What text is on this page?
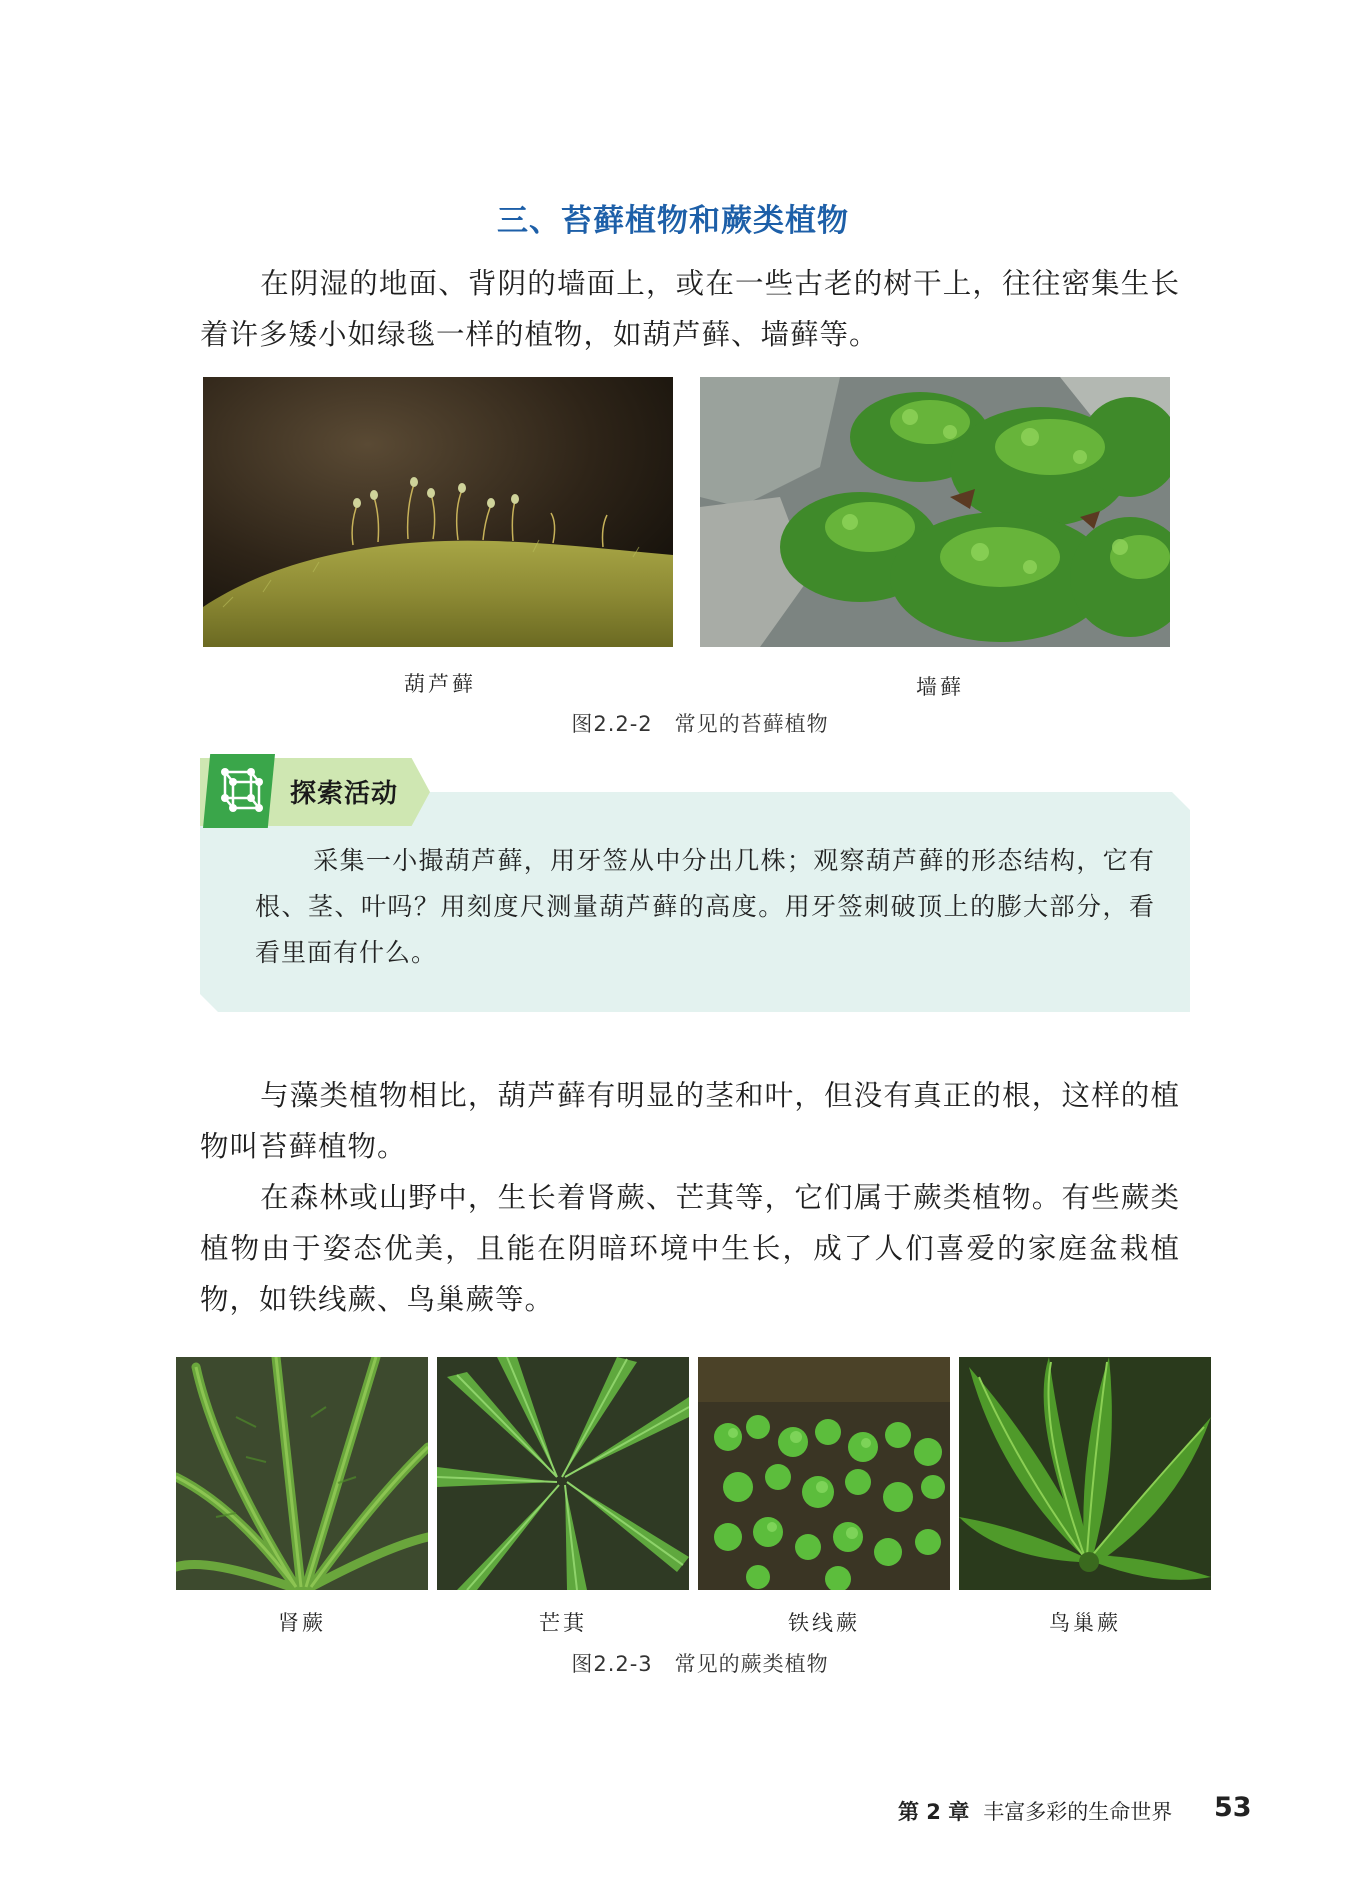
三、苔藓植物和蕨类植物

在阴湿的地面、背阴的墙面上，或在一些古老的树干上，往往密集生长着许多矮小如绿毯一样的植物，如葫芦藓、墙藓等。

葫芦藓	墙藓
图2.2-2　常见的苔藓植物
探索活动

采集一小撮葫芦藓，用牙签从中分出几株；观察葫芦藓的形态结构，它有根、茎、叶吗？用刻度尺测量葫芦藓的高度。用牙签刺破顶上的膨大部分，看看里面有什么。

与藻类植物相比，葫芦藓有明显的茎和叶，但没有真正的根，这样的植物叫苔藓植物。

在森林或山野中，生长着肾蕨、芒萁等，它们属于蕨类植物。有些蕨类植物由于姿态优美，且能在阴暗环境中生长，成了人们喜爱的家庭盆栽植物，如铁线蕨、鸟巢蕨等。

肾蕨	芒萁	铁线蕨	鸟巢蕨
图2.2-3　常见的蕨类植物
第 2 章 丰富多彩的生命世界 53
